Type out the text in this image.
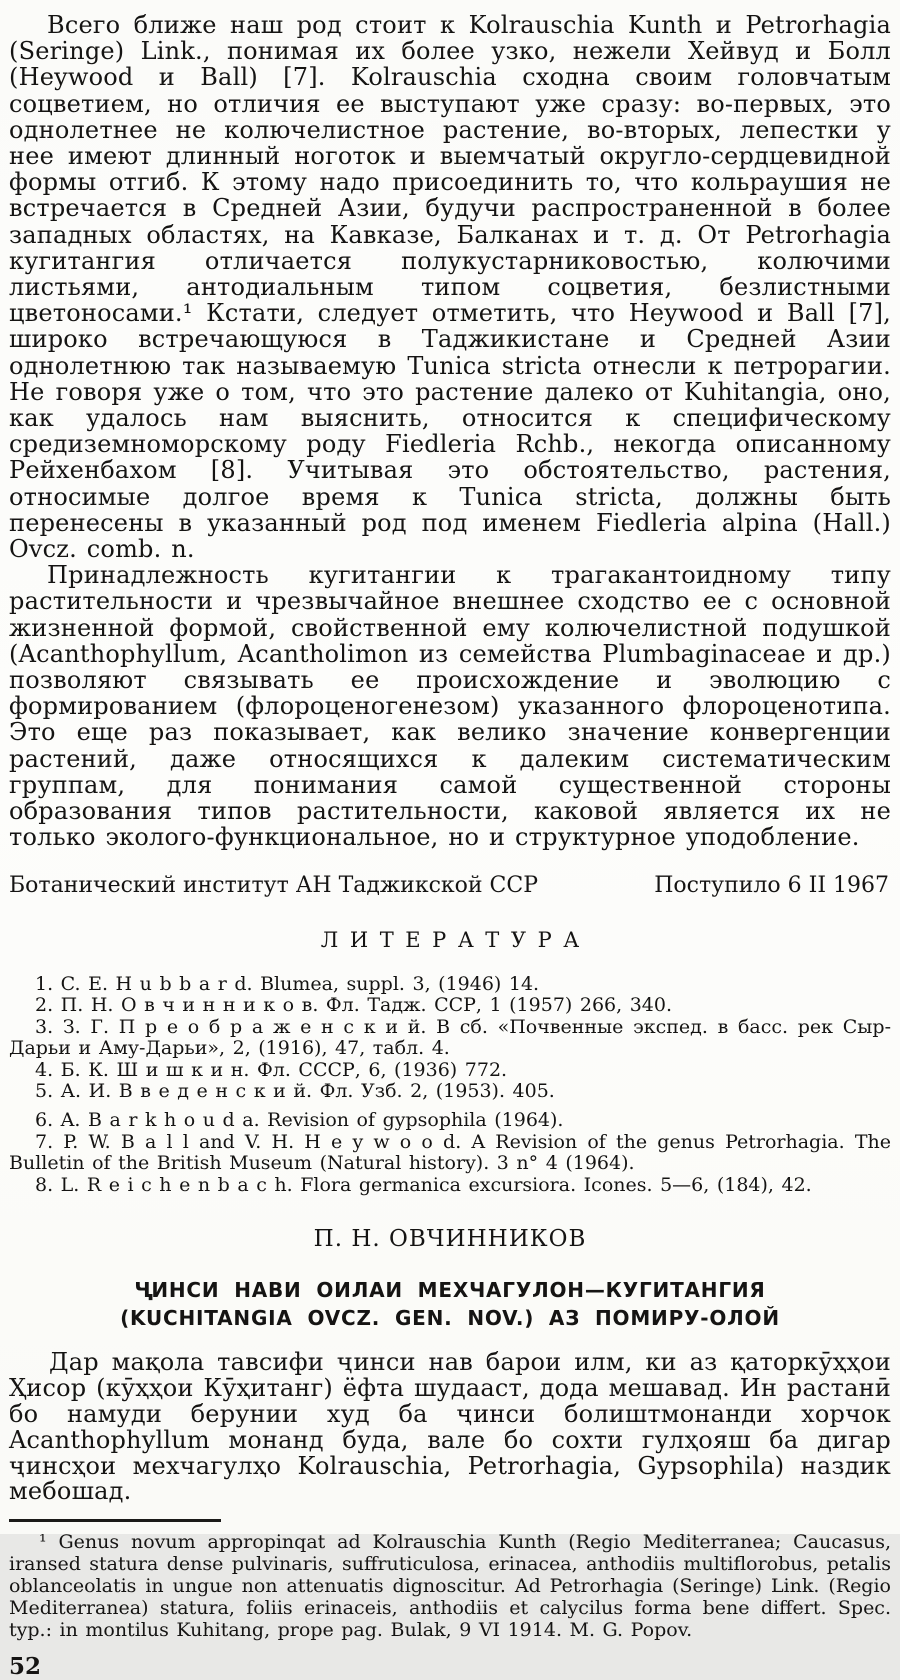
Всего ближе наш род стоит к Kolrauschia Kunth и Petrorhagia (Seringe) Link., понимая их более узко, нежели Хейвуд и Болл (Heywood и Ball) [7]. Kolrauschia сходна своим головчатым соцветием, но отличия ее выступают уже сразу: во-первых, это однолетнее не колючелистное растение, во-вторых, лепестки у нее имеют длинный ноготок и выемчатый округло-сердцевидной формы отгиб. К этому надо присоединить то, что кольраушия не встречается в Средней Азии, будучи распространенной в более западных областях, на Кавказе, Балканах и т. д. От Petrorhagia кугитангия отличается полукустарниковостью, колючими листьями, антодиальным типом соцветия, безлистными цветоносами.¹ Кстати, следует отметить, что Heywood и Ball [7], широко встречающуюся в Таджикистане и Средней Азии однолетнюю так называемую Tunica stricta отнесли к петрорагии. Не говоря уже о том, что это растение далеко от Kuhitangia, оно, как удалось нам выяснить, относится к специфическому средиземноморскому роду Fiedleria Rchb., некогда описанному Рейхенбахом [8]. Учитывая это обстоятельство, растения, относимые долгое время к Tunica stricta, должны быть перенесены в указанный род под именем Fiedleria alpina (Hall.) Ovcz. comb. n.

Принадлежность кугитангии к трагакантоидному типу растительности и чрезвычайное внешнее сходство ее с основной жизненной формой, свойственной ему колючелистной подушкой (Acanthophyllum, Acantholimon из семейства Plumbaginaceae и др.) позволяют связывать ее происхождение и эволюцию с формированием (флороценогенезом) указанного флороценотипа. Это еще раз показывает, как велико значение конвергенции растений, даже относящихся к далеким систематическим группам, для понимания самой существенной стороны образования типов растительности, каковой является их не только эколого-функциональное, но и структурное уподобление.

Ботанический институт АН Таджикской ССР	Поступило 6 II 1967
ЛИТЕРАТУРА

1. C. E. H u b b a r d. Blumea, suppl. 3, (1946) 14.

2. П. Н. О в ч и н н и к о в. Фл. Тадж. ССР, 1 (1957) 266, 340.

3. З. Г. П р е о б р а ж е н с к и й. В сб. «Почвенные экспед. в басс. рек Сыр-Дарьи и Аму-Дарьи», 2, (1916), 47, табл. 4.

4. Б. К. Ш и ш к и н. Фл. СССР, 6, (1936) 772.

5. А. И. В в е д е н с к и й. Фл. Узб. 2, (1953). 405.

6. A. B a r k h o u d a. Revision of gypsophila (1964).

7. P. W. B a l l and V. H. H e y w o o d. A Revision of the genus Petrorhagia. The Bulletin of the British Museum (Natural history). 3 n° 4 (1964).

8. L. R e i c h e n b a c h. Flora germanica excursiora. Icones. 5—6, (184), 42.

П. Н. ОВЧИННИКОВ
ҶИНСИ НАВИ ОИЛАИ МЕХЧАГУЛОН—КУГИТАНГИЯ
(KUCHITANGIA OVCZ. GEN. NOV.) АЗ ПОМИРУ-ОЛОЙ

Дар мақола тавсифи ҷинси нав барои илм, ки аз қаторкӯҳҳои Ҳисор (кӯҳҳои Кӯҳитанг) ёфта шудааст, дода мешавад. Ин растанӣ бо намуди берунии худ ба ҷинси болиштмонанди хорчок Acanthophyllum монанд буда, вале бо сохти гулҳояш ба дигар ҷинсҳои мехчагулҳо Kolrauschia, Petrorhagia, Gypsophila) наздик мебошад.

¹ Genus novum appropinqat ad Kolrauschia Kunth (Regio Mediterranea; Caucasus, iransed statura dense pulvinaris, suffruticulosa, erinacea, anthodiis multiflorobus, petalis oblanceolatis in ungue non attenuatis dignoscitur. Ad Petrorhagia (Seringe) Link. (Regio Mediterranea) statura, foliis erinaceis, anthodiis et calycilus forma bene differt. Spec. typ.: in montilus Kuhitang, prope pag. Bulak, 9 VI 1914. M. G. Popov.

52
